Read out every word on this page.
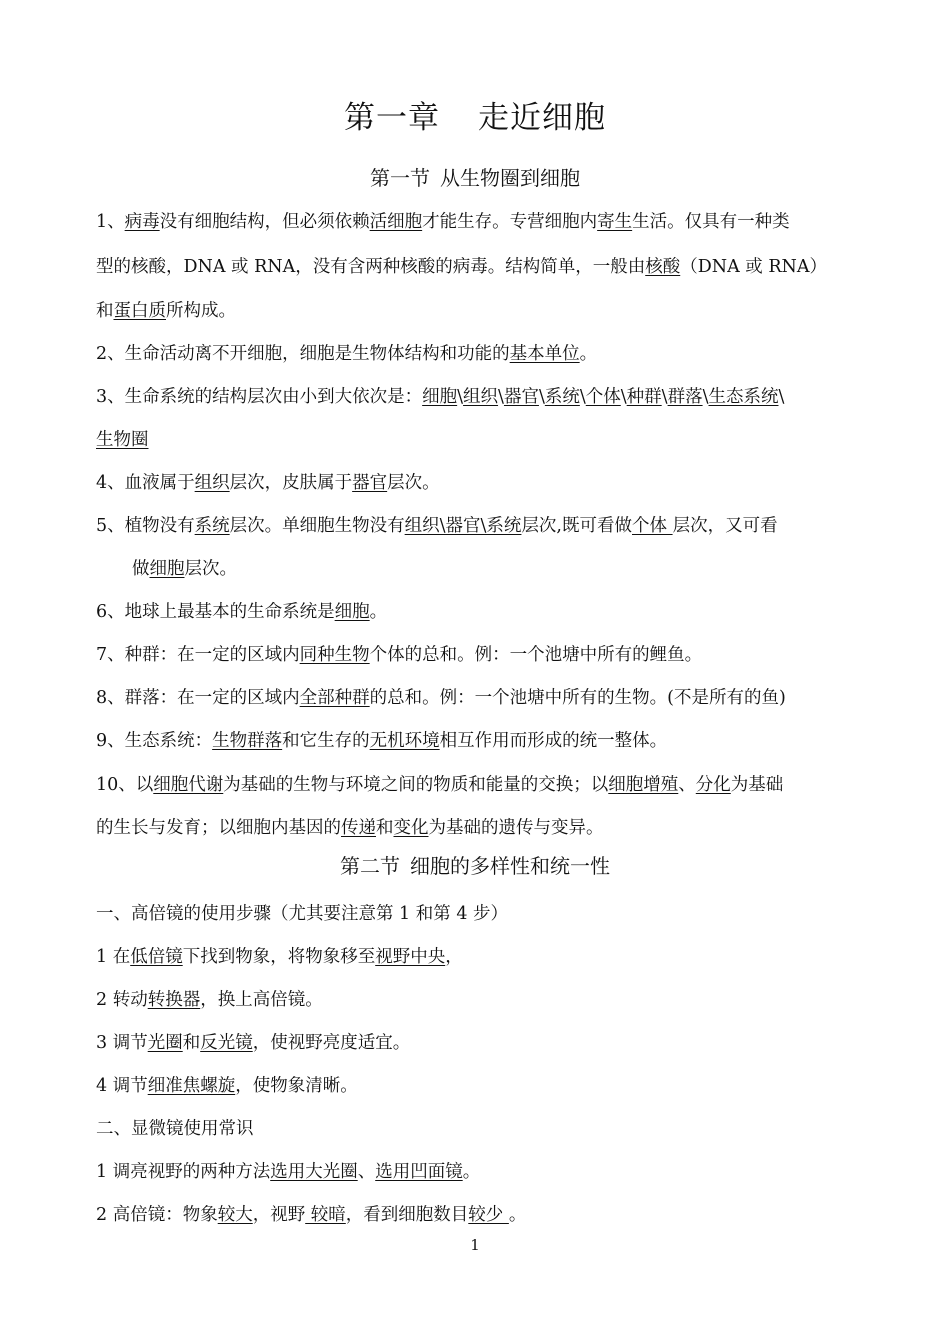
第一章 走近细胞
第一节 从生物圈到细胞
第二节 细胞的多样性和统一性
1、病毒没有细胞结构，但必须依赖活细胞才能生存。专营细胞内寄生生活。仅具有一种类
型的核酸，DNA 或 RNA，没有含两种核酸的病毒。结构简单，一般由核酸（DNA 或 RNA）
和蛋白质所构成。
2、生命活动离不开细胞，细胞是生物体结构和功能的基本单位。
3、生命系统的结构层次由小到大依次是：细胞\组织\器官\系统\个体\种群\群落\生态系统\
生物圈
4、血液属于组织层次，皮肤属于器官层次。
5、植物没有系统层次。单细胞生物没有组织\器官\系统层次,既可看做个体 层次，又可看
做细胞层次。
6、地球上最基本的生命系统是细胞。
7、种群：在一定的区域内同种生物个体的总和。例：一个池塘中所有的鲤鱼。
8、群落：在一定的区域内全部种群的总和。例：一个池塘中所有的生物。(不是所有的鱼)
9、生态系统：生物群落和它生存的无机环境相互作用而形成的统一整体。
10、以细胞代谢为基础的生物与环境之间的物质和能量的交换；以细胞增殖、分化为基础
的生长与发育；以细胞内基因的传递和变化为基础的遗传与变异。
一、高倍镜的使用步骤（尤其要注意第 1 和第 4 步）
1 在低倍镜下找到物象，将物象移至视野中央，
2 转动转换器，换上高倍镜。
3 调节光圈和反光镜，使视野亮度适宜。
4 调节细准焦螺旋，使物象清晰。
二、显微镜使用常识
1 调亮视野的两种方法选用大光圈、选用凹面镜。
2 高倍镜：物象较大，视野 较暗，看到细胞数目较少 。
1
